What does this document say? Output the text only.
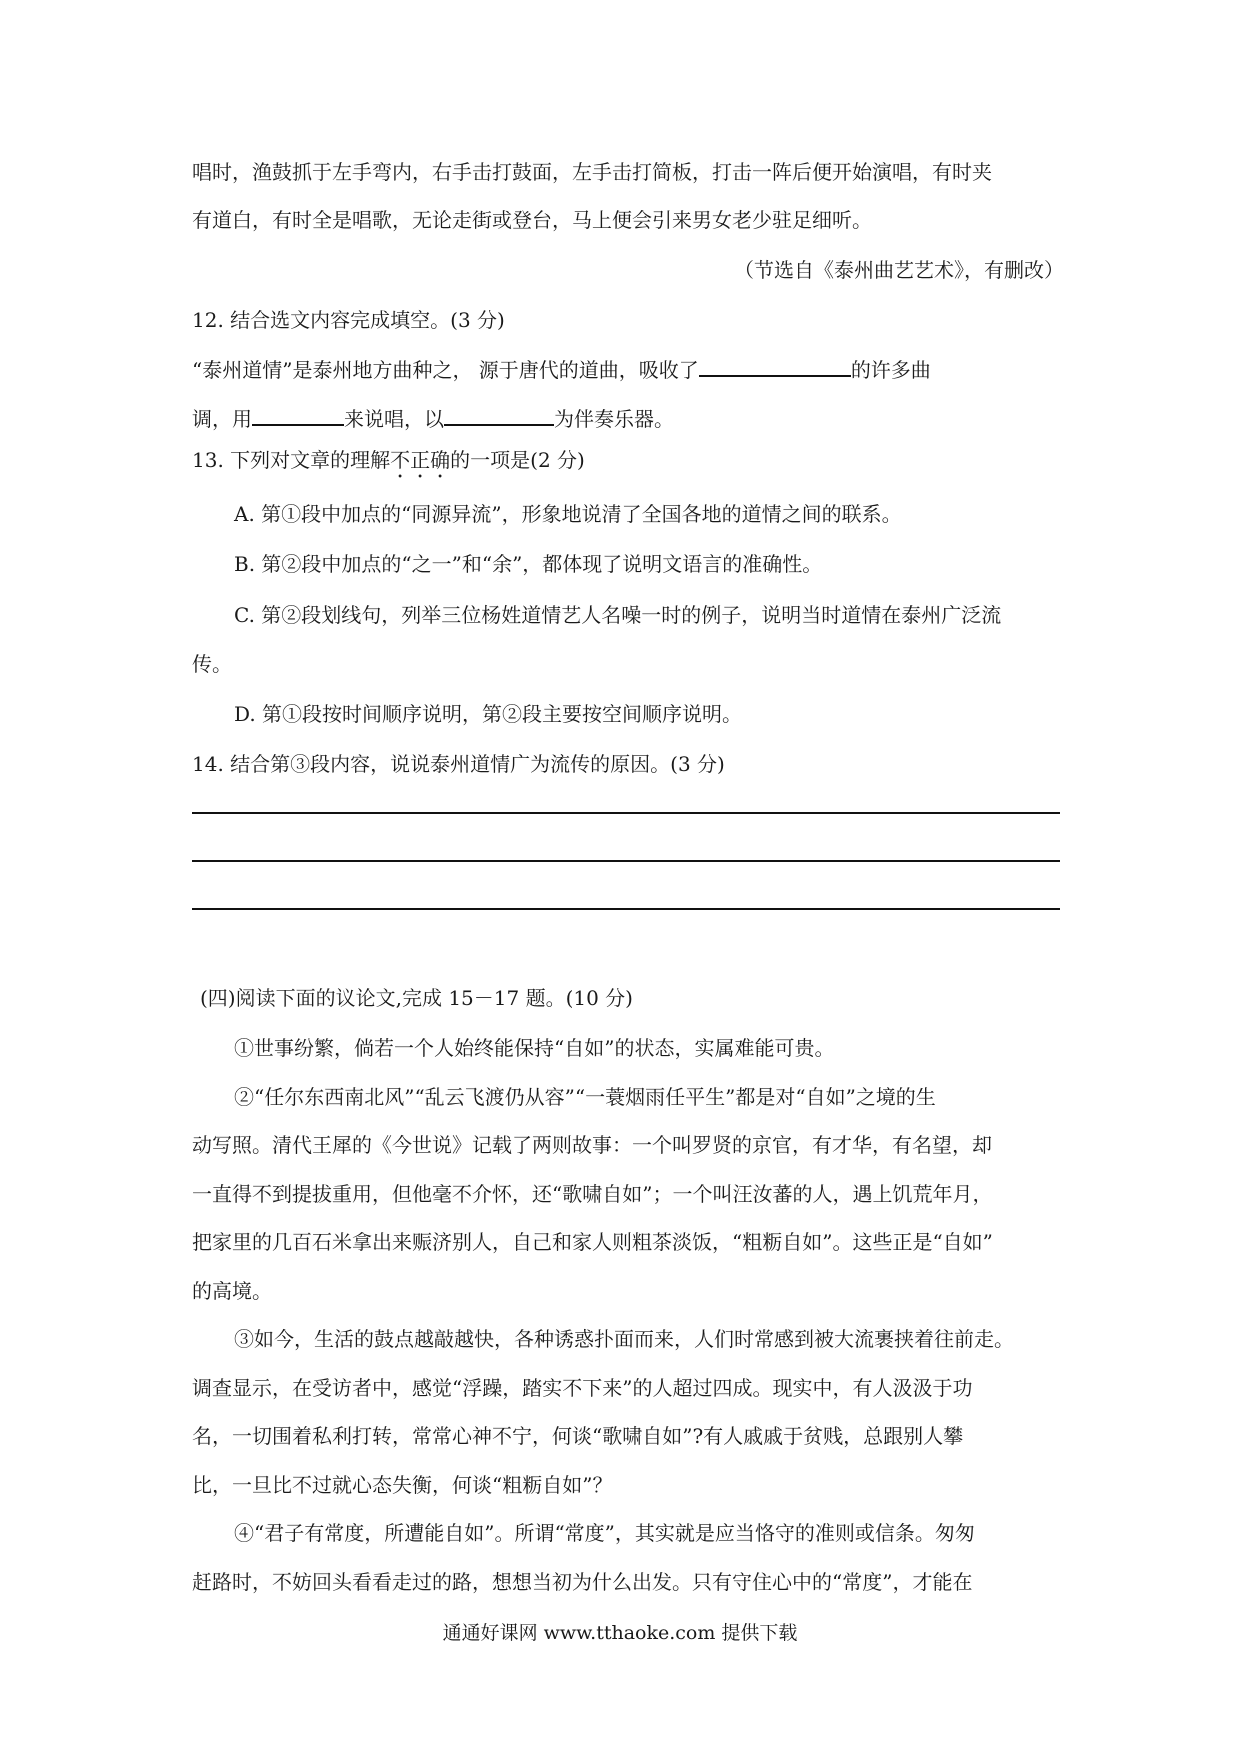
唱时，渔鼓抓于左手弯内，右手击打鼓面，左手击打简板，打击一阵后便开始演唱，有时夹
有道白，有时全是唱歌，无论走街或登台，马上便会引来男女老少驻足细听。
（节选自《泰州曲艺艺术》，有删改）
12. 结合选文内容完成填空。(3 分)
“泰州道情”是泰州地方曲种之， 源于唐代的道曲，吸收了	的许多曲
调，用	来说唱，以	为伴奏乐器。
13. 下列对文章的理解不正确的一项是(2 分)
A. 第①段中加点的“同源异流”，形象地说清了全国各地的道情之间的联系。
B. 第②段中加点的“之一”和“余”，都体现了说明文语言的准确性。
C. 第②段划线句，列举三位杨姓道情艺人名噪一时的例子，说明当时道情在泰州广泛流
传。
D. 第①段按时间顺序说明，第②段主要按空间顺序说明。
14. 结合第③段内容，说说泰州道情广为流传的原因。(3 分)
(四)阅读下面的议论文,完成 15－17 题。(10 分)
①世事纷繁，倘若一个人始终能保持“自如”的状态，实属难能可贵。
②“任尔东西南北风”“乱云飞渡仍从容”“一蓑烟雨任平生”都是对“自如”之境的生
动写照。清代王犀的《今世说》记载了两则故事：一个叫罗贤的京官，有才华，有名望，却
一直得不到提拔重用，但他毫不介怀，还“歌啸自如”；一个叫汪汝蕃的人，遇上饥荒年月，
把家里的几百石米拿出来赈济别人，自己和家人则粗茶淡饭，“粗粝自如”。这些正是“自如”
的高境。
③如今，生活的鼓点越敲越快，各种诱惑扑面而来，人们时常感到被大流裹挟着往前走。
调查显示，在受访者中，感觉“浮躁，踏实不下来”的人超过四成。现实中，有人汲汲于功
名，一切围着私利打转，常常心神不宁，何谈“歌啸自如”?有人戚戚于贫贱，总跟别人攀
比，一旦比不过就心态失衡，何谈“粗粝自如”？
④“君子有常度，所遭能自如”。所谓“常度”，其实就是应当恪守的准则或信条。匆匆
赶路时，不妨回头看看走过的路，想想当初为什么出发。只有守住心中的“常度”，才能在
通通好课网 www.tthaoke.com 提供下载
